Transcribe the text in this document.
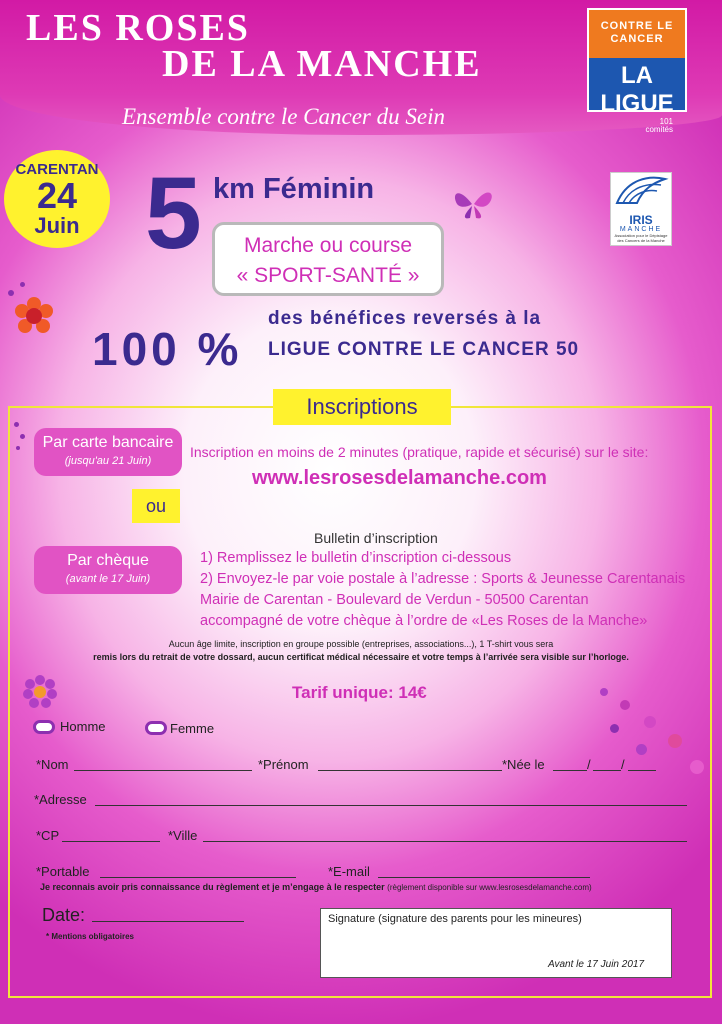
LES ROSES
DE LA MANCHE
Ensemble contre le Cancer du Sein
CONTRE LE CANCER
LA LIGUE
101
comités
CARENTAN
24
Juin	IRIS
MANCHE
Association pour le Dépistage des Cancers de la Manche
5 km Féminin
Marche ou course
« SPORT-SANTÉ »
100 %
des bénéfices reversés à la
LIGUE CONTRE LE CANCER 50
Inscriptions
Par carte bancaire
(jusqu'au 21 Juin)
Inscription en moins de 2 minutes (pratique, rapide et sécurisé) sur le site:
www.lesrosesdelamanche.com
ou
Par chèque
(avant le 17 Juin)
Bulletin d’inscription
1) Remplissez le bulletin d’inscription ci-dessous
2) Envoyez-le par voie postale à l’adresse : Sports & Jeunesse Carentanais
Mairie de Carentan - Boulevard de Verdun - 50500 Carentan
accompagné de votre chèque à l’ordre de «Les Roses de la Manche»
Aucun âge limite, inscription en groupe possible (entreprises, associations...), 1 T-shirt vous sera
remis lors du retrait de votre dossard, aucun certificat médical nécessaire et votre temps à l’arrivée sera visible sur l’horloge.
Tarif unique: 14€
Homme	Femme
*Nom	*Prénom	*Née le	/ /
*Adresse
*CP	*Ville
*Portable	*E-mail
Je reconnais avoir pris connaissance du règlement et je m’engage à le respecter (règlement disponible sur www.lesrosesdelamanche.com)
Date:
* Mentions obligatoires
Signature (signature des parents pour les mineures)
Avant le 17 Juin 2017
